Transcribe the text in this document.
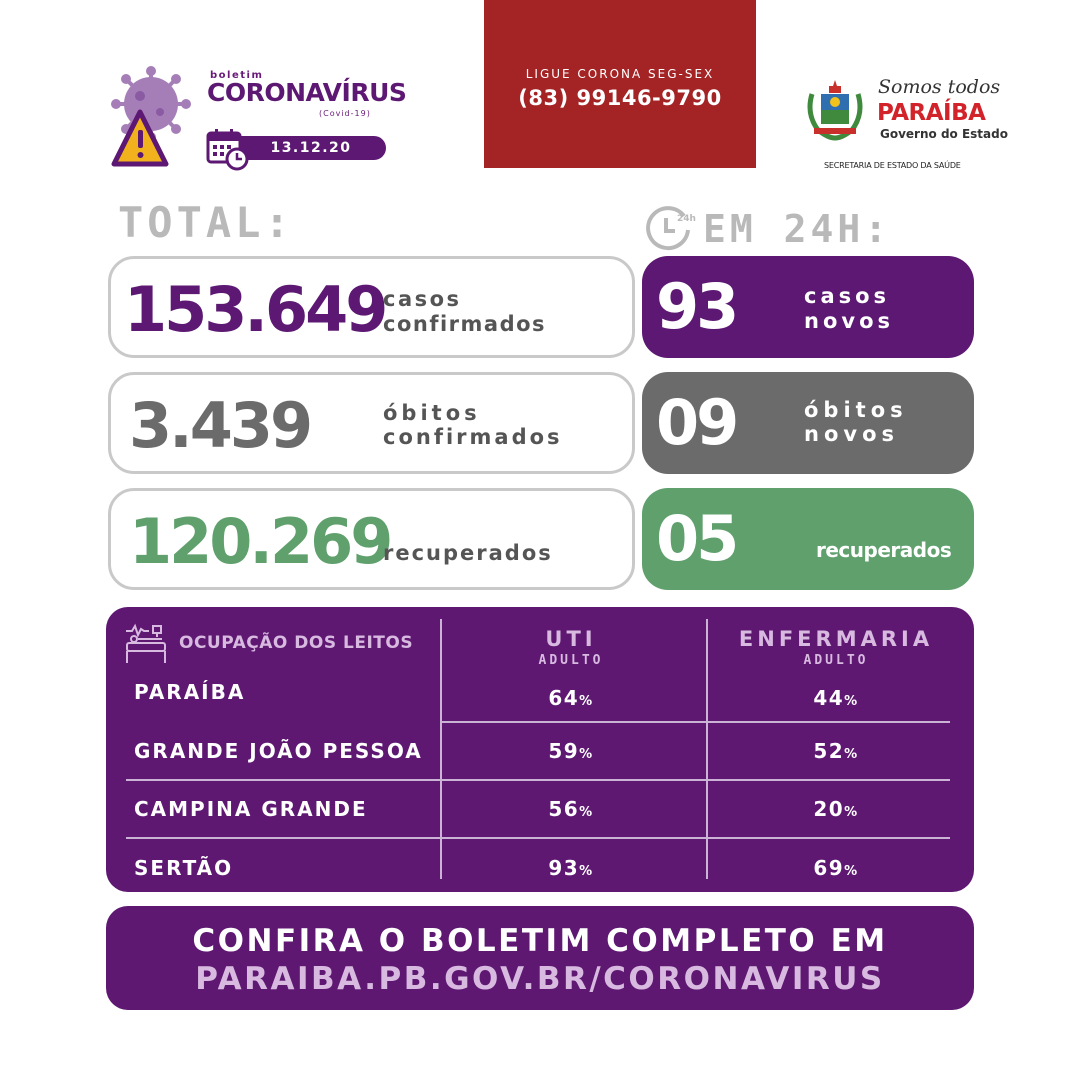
boletim
CORONAVÍRUS
(Covid-19)
13.12.20
LIGUE CORONA SEG-SEX
(83) 99146-9790	Somos todos
PARAÍBA
Governo do Estado
SECRETARIA DE ESTADO DA SAÚDE
TOTAL:	24h EM 24H:
153.649
casos
confirmados
3.439	óbitos
confirmados
120.269
recuperados
93	casos
novos
09	óbitos
novos
05	recuperados
OCUPAÇÃO DOS LEITOS	UTI
ADULTO
ENFERMARIA
ADULTO
PARAÍBA	64%	44%
GRANDE JOÃO PESSOA	59%	52%
CAMPINA GRANDE	56%	20%
SERTÃO	93%	69%
CONFIRA O BOLETIM COMPLETO EM
PARAIBA.PB.GOV.BR/CORONAVIRUS
